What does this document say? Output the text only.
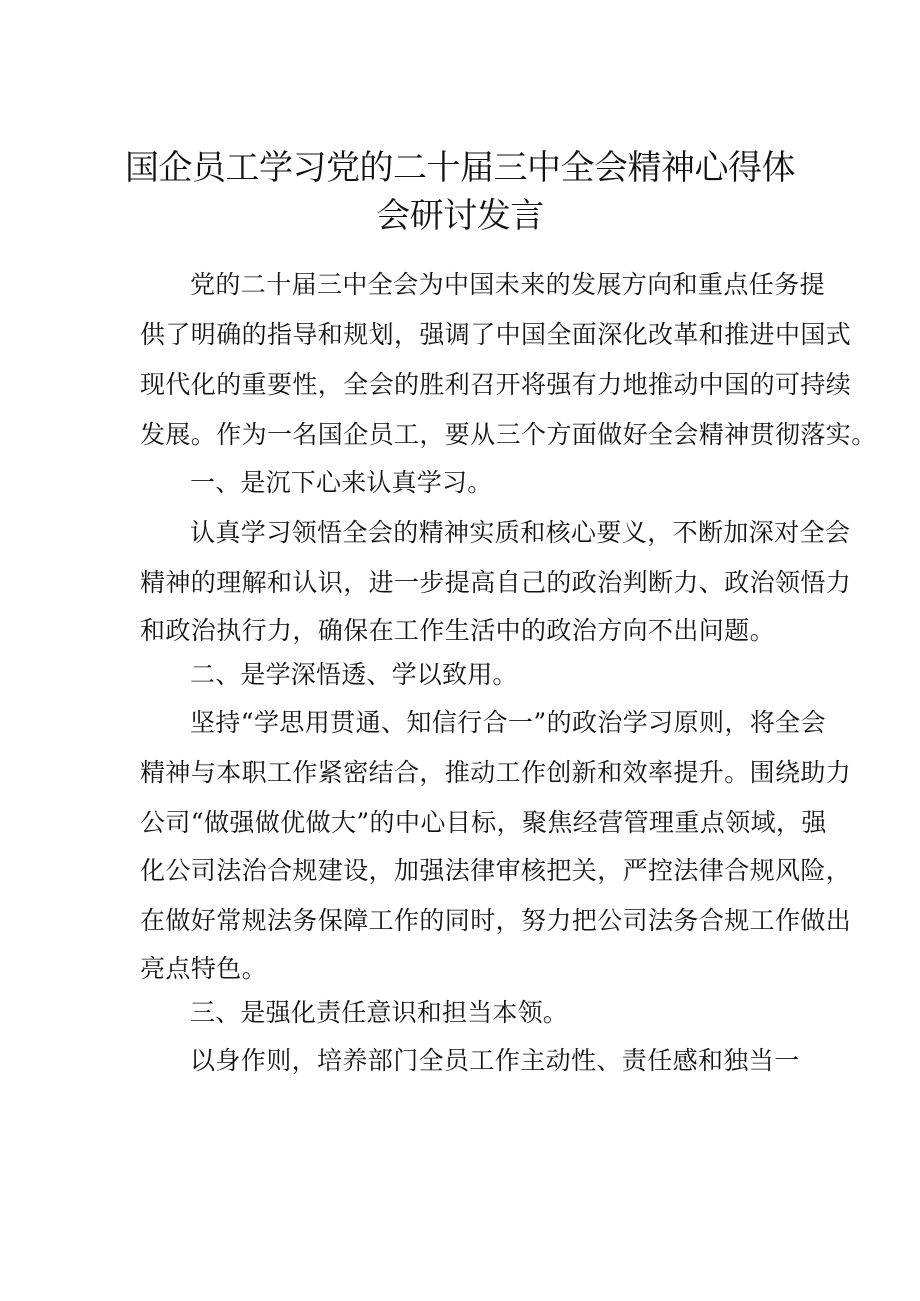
国企员工学习党的二十届三中全会精神心得体
会研讨发言
党的二十届三中全会为中国未来的发展方向和重点任务提
供了明确的指导和规划，强调了中国全面深化改革和推进中国式
现代化的重要性，全会的胜利召开将强有力地推动中国的可持续
发展。作为一名国企员工，要从三个方面做好全会精神贯彻落实。
一、是沉下心来认真学习。
认真学习领悟全会的精神实质和核心要义，不断加深对全会
精神的理解和认识，进一步提高自己的政治判断力、政治领悟力
和政治执行力，确保在工作生活中的政治方向不出问题。
二、是学深悟透、学以致用。
坚持“学思用贯通、知信行合一”的政治学习原则，将全会
精神与本职工作紧密结合，推动工作创新和效率提升。围绕助力
公司“做强做优做大”的中心目标，聚焦经营管理重点领域，强
化公司法治合规建设，加强法律审核把关，严控法律合规风险，
在做好常规法务保障工作的同时，努力把公司法务合规工作做出
亮点特色。
三、是强化责任意识和担当本领。
以身作则，培养部门全员工作主动性、责任感和独当一
